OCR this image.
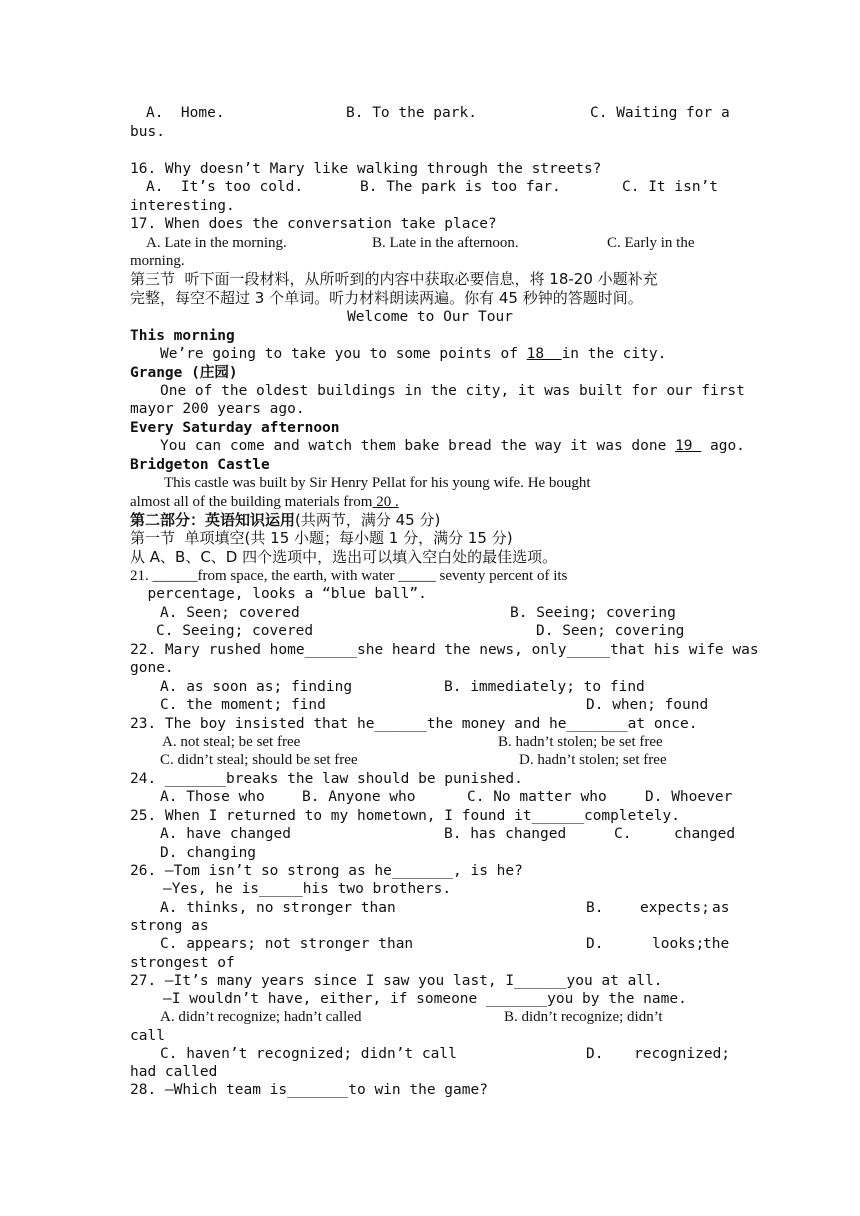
A.  Home.	B. To the park.	C. Waiting for a
bus.
16. Why doesn’t Mary like walking through the streets?
A.  It’s too cold.	B. The park is too far.	C. It isn’t
interesting.
17. When does the conversation take place?
A. Late in the morning.	B. Late in the afternoon.	C. Early in the
morning.
第三节  听下面一段材料，从所听到的内容中获取必要信息，将 18-20 小题补充
完整，每空不超过 3 个单词。听力材料朗读两遍。你有 45 秒钟的答题时间。
Welcome to Our Tour
This morning
We’re going to take you to some points of 18  in the city.
Grange (庄园)
One of the oldest buildings in the city, it was built for our first
mayor 200 years ago.
Every Saturday afternoon
You can come and watch them bake bread the way it was done 19  ago.
Bridgeton Castle
This castle was built by Sir Henry Pellat for his young wife. He bought
almost all of the building materials from 20 .
第二部分：英语知识运用(共两节，满分 45 分)
第一节  单项填空(共 15 小题；每小题 1 分，满分 15 分)
从 A、B、C、D 四个选项中，选出可以填入空白处的最佳选项。
21. ______from space, the earth, with water _____ seventy percent of its
percentage, looks a “blue ball”.
A. Seen; covered	B. Seeing; covering
C. Seeing; covered	D. Seen; covering
22. Mary rushed home______she heard the news, only_____that his wife was
gone.
A. as soon as; finding	B. immediately; to find
C. the moment; find	D. when; found
23. The boy insisted that he______the money and he_______at once.
A. not steal; be set free	B. hadn’t stolen; be set free
C. didn’t steal; should be set free	D. hadn’t stolen; set free
24. _______breaks the law should be punished.
A. Those who	B. Anyone who	C. No matter who	D. Whoever
25. When I returned to my hometown, I found it______completely.
A. have changed	B. has changed	C.	changed
D. changing
26. —Tom isn’t so strong as he_______, is he?
—Yes, he is_____his two brothers.
A. thinks, no stronger than	B.	expects; as
strong as
C. appears; not stronger than	D.	looks;
the
strongest of
27. —It’s many years since I saw you last, I______you at all.
—I wouldn’t have, either, if someone _______you by the name.
A. didn’t recognize; hadn’t called	B. didn’t recognize; didn’t
call
C. haven’t recognized; didn’t call	D. recognized;
had called
28. —Which team is_______to win the game?
